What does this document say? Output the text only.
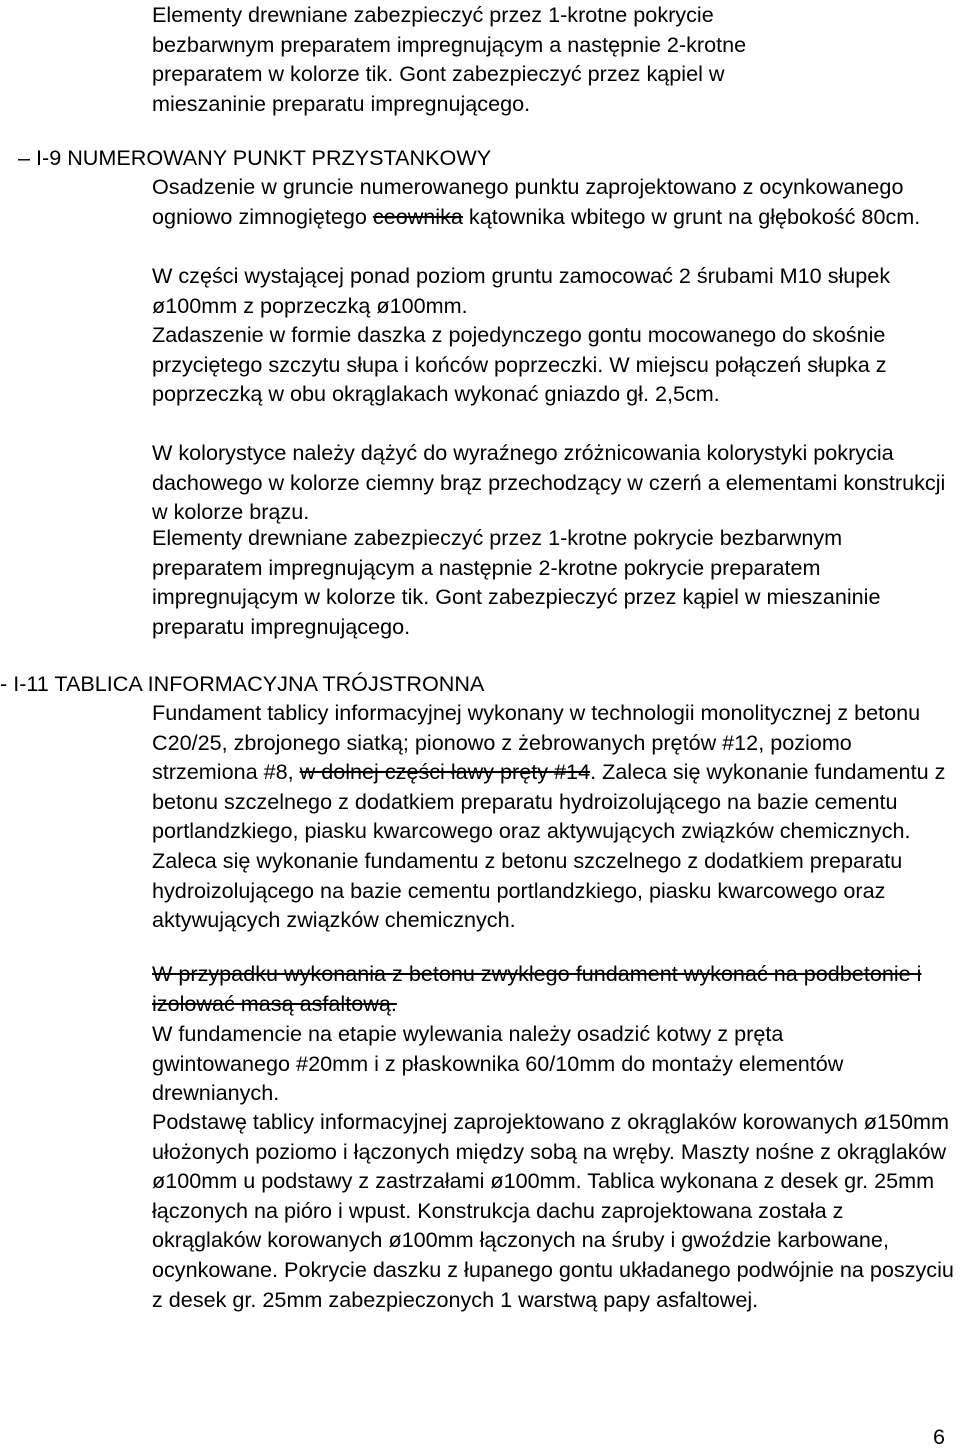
Elementy drewniane zabezpieczyć przez 1-krotne pokrycie bezbarwnym preparatem impregnującym a następnie 2-krotne preparatem w kolorze tik. Gont zabezpieczyć przez kąpiel w mieszaninie preparatu impregnującego.

– I-9 NUMEROWANY PUNKT PRZYSTANKOWY

Osadzenie w gruncie numerowanego punktu zaprojektowano z ocynkowanego ogniowo zimnogiętego ceownika kątownika wbitego w grunt na głębokość 80cm.

W części wystającej ponad poziom gruntu zamocować 2 śrubami M10 słupek ø100mm z poprzeczką ø100mm.

Zadaszenie w formie daszka z pojedynczego gontu mocowanego do skośnie przyciętego szczytu słupa i końców poprzeczki. W miejscu połączeń słupka z poprzeczką w obu okrąglakach wykonać gniazdo gł. 2,5cm.

W kolorystyce należy dążyć do wyraźnego zróżnicowania kolorystyki pokrycia dachowego w kolorze ciemny brąz przechodzący w czerń a elementami konstrukcji w kolorze brązu.

Elementy drewniane zabezpieczyć przez 1-krotne pokrycie bezbarwnym preparatem impregnującym a następnie 2-krotne pokrycie preparatem impregnującym w kolorze tik. Gont zabezpieczyć przez kąpiel w mieszaninie preparatu impregnującego.

- I-11 TABLICA INFORMACYJNA TRÓJSTRONNA

Fundament tablicy informacyjnej wykonany w technologii monolitycznej z betonu C20/25, zbrojonego siatką; pionowo z żebrowanych prętów #12, poziomo strzemiona #8, w dolnej części ławy pręty #14. Zaleca się wykonanie fundamentu z betonu szczelnego z dodatkiem preparatu hydroizolującego na bazie cementu portlandzkiego, piasku kwarcowego oraz aktywujących związków chemicznych. Zaleca się wykonanie fundamentu z betonu szczelnego z dodatkiem preparatu hydroizolującego na bazie cementu portlandzkiego, piasku kwarcowego oraz aktywujących związków chemicznych.

W przypadku wykonania z betonu zwykłego fundament wykonać na podbetonie i izolować masą asfaltową.

W fundamencie na etapie wylewania należy osadzić kotwy z pręta gwintowanego #20mm i z płaskownika 60/10mm do montaży elementów drewnianych.

Podstawę tablicy informacyjnej zaprojektowano z okrąglaków korowanych ø150mm ułożonych poziomo i łączonych między sobą na wręby. Maszty nośne z okrąglaków ø100mm u podstawy z zastrzałami ø100mm. Tablica wykonana z desek gr. 25mm łączonych na pióro i wpust. Konstrukcja dachu zaprojektowana została z okrąglaków korowanych ø100mm łączonych na śruby i gwoździe karbowane, ocynkowane. Pokrycie daszku z łupanego gontu układanego podwójnie na poszyciu z desek gr. 25mm zabezpieczonych 1 warstwą papy asfaltowej.

6
